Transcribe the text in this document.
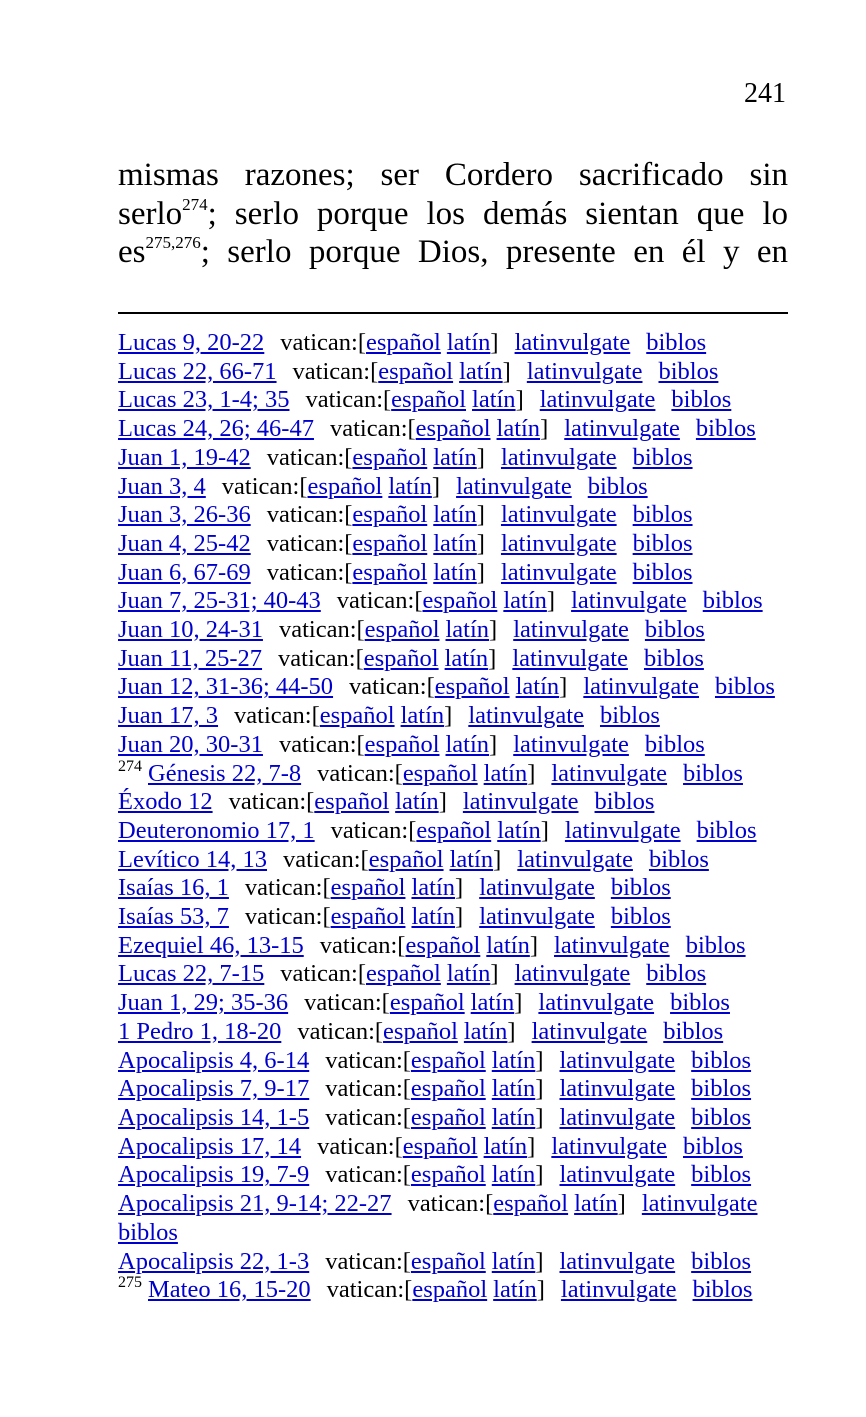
241
mismas razones; ser Cordero sacrificado sin
serlo$^{274}$; serlo porque los demás sientan que lo
es$^{275,276}$; serlo porque Dios, presente en él y en
Lucas 9, 20-22 vatican:[español latín] latinvulgate biblos
Lucas 22, 66-71 vatican:[español latín] latinvulgate biblos
Lucas 23, 1-4; 35 vatican:[español latín] latinvulgate biblos
Lucas 24, 26; 46-47 vatican:[español latín] latinvulgate biblos
Juan 1, 19-42 vatican:[español latín] latinvulgate biblos
Juan 3, 4 vatican:[español latín] latinvulgate biblos
Juan 3, 26-36 vatican:[español latín] latinvulgate biblos
Juan 4, 25-42 vatican:[español latín] latinvulgate biblos
Juan 6, 67-69 vatican:[español latín] latinvulgate biblos
Juan 7, 25-31; 40-43 vatican:[español latín] latinvulgate biblos
Juan 10, 24-31 vatican:[español latín] latinvulgate biblos
Juan 11, 25-27 vatican:[español latín] latinvulgate biblos
Juan 12, 31-36; 44-50 vatican:[español latín] latinvulgate biblos
Juan 17, 3 vatican:[español latín] latinvulgate biblos
Juan 20, 30-31 vatican:[español latín] latinvulgate biblos
$^{274}$ Génesis 22, 7-8 vatican:[español latín] latinvulgate biblos
Éxodo 12 vatican:[español latín] latinvulgate biblos
Deuteronomio 17, 1 vatican:[español latín] latinvulgate biblos
Levítico 14, 13 vatican:[español latín] latinvulgate biblos
Isaías 16, 1 vatican:[español latín] latinvulgate biblos
Isaías 53, 7 vatican:[español latín] latinvulgate biblos
Ezequiel 46, 13-15 vatican:[español latín] latinvulgate biblos
Lucas 22, 7-15 vatican:[español latín] latinvulgate biblos
Juan 1, 29; 35-36 vatican:[español latín] latinvulgate biblos
1 Pedro 1, 18-20 vatican:[español latín] latinvulgate biblos
Apocalipsis 4, 6-14 vatican:[español latín] latinvulgate biblos
Apocalipsis 7, 9-17 vatican:[español latín] latinvulgate biblos
Apocalipsis 14, 1-5 vatican:[español latín] latinvulgate biblos
Apocalipsis 17, 14 vatican:[español latín] latinvulgate biblos
Apocalipsis 19, 7-9 vatican:[español latín] latinvulgate biblos
Apocalipsis 21, 9-14; 22-27 vatican:[español latín] latinvulgatebiblos
Apocalipsis 22, 1-3 vatican:[español latín] latinvulgate biblos
$^{275}$ Mateo 16, 15-20 vatican:[español latín] latinvulgate biblos
